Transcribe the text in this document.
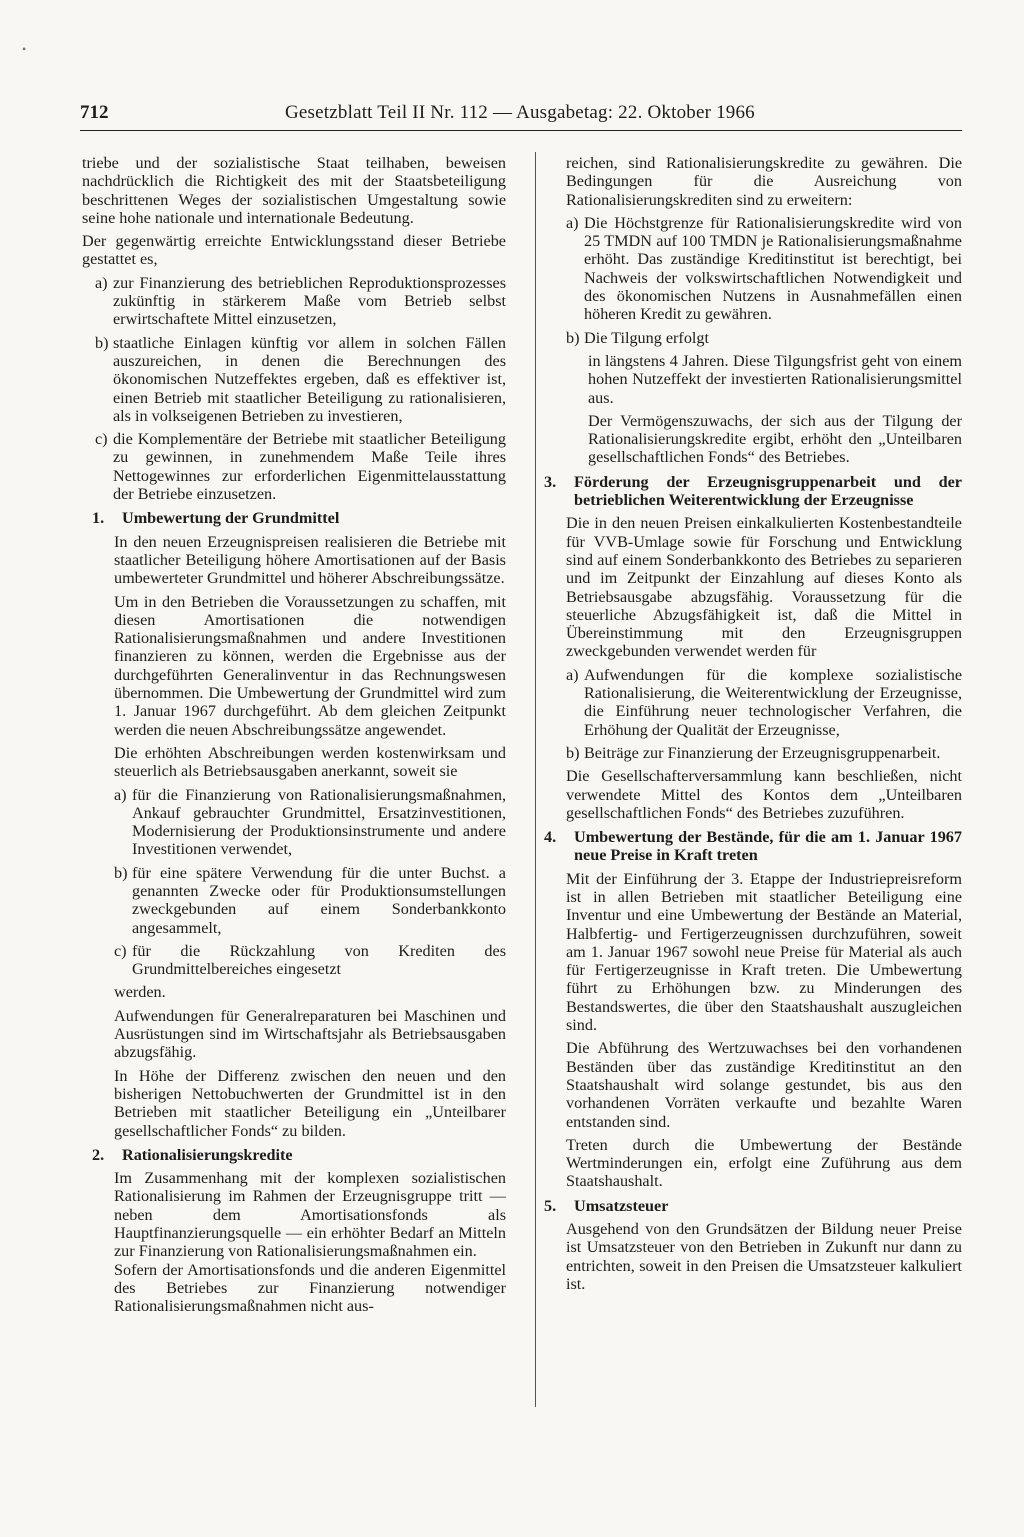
•
712	Gesetzblatt Teil II Nr. 112 — Ausgabetag: 22. Oktober 1966

triebe und der sozialistische Staat teilhaben, beweisen nachdrücklich die Richtigkeit des mit der Staatsbeteiligung beschrittenen Weges der sozialistischen Umgestaltung sowie seine hohe nationale und internationale Bedeutung.

Der gegenwärtig erreichte Entwicklungsstand dieser Betriebe gestattet es,

a) zur Finanzierung des betrieblichen Reproduktionsprozesses zukünftig in stärkerem Maße vom Betrieb selbst erwirtschaftete Mittel einzusetzen,
b) staatliche Einlagen künftig vor allem in solchen Fällen auszureichen, in denen die Berechnungen des ökonomischen Nutzeffektes ergeben, daß es effektiver ist, einen Betrieb mit staatlicher Beteiligung zu rationalisieren, als in volkseigenen Betrieben zu investieren,
c) die Komplementäre der Betriebe mit staatlicher Beteiligung zu gewinnen, in zunehmendem Maße Teile ihres Nettogewinnes zur erforderlichen Eigenmittelausstattung der Betriebe einzusetzen.
1.	Umbewertung der Grundmittel

In den neuen Erzeugnispreisen realisieren die Betriebe mit staatlicher Beteiligung höhere Amortisationen auf der Basis umbewerteter Grundmittel und höherer Abschreibungssätze.

Um in den Betrieben die Voraussetzungen zu schaffen, mit diesen Amortisationen die notwendigen Rationalisierungsmaßnahmen und andere Investitionen finanzieren zu können, werden die Ergebnisse aus der durchgeführten Generalinventur in das Rechnungswesen übernommen. Die Umbewertung der Grundmittel wird zum 1. Januar 1967 durchgeführt. Ab dem gleichen Zeitpunkt werden die neuen Abschreibungssätze angewendet.

Die erhöhten Abschreibungen werden kostenwirksam und steuerlich als Betriebsausgaben anerkannt, soweit sie

a) für die Finanzierung von Rationalisierungsmaßnahmen, Ankauf gebrauchter Grundmittel, Ersatzinvestitionen, Modernisierung der Produktionsinstrumente und andere Investitionen verwendet,
b) für eine spätere Verwendung für die unter Buchst. a genannten Zwecke oder für Produktionsumstellungen zweckgebunden auf einem Sonderbankkonto angesammelt,
c) für die Rückzahlung von Krediten des Grundmittelbereiches eingesetzt

werden.

Aufwendungen für Generalreparaturen bei Maschinen und Ausrüstungen sind im Wirtschaftsjahr als Betriebsausgaben abzugsfähig.

In Höhe der Differenz zwischen den neuen und den bisherigen Nettobuchwerten der Grundmittel ist in den Betrieben mit staatlicher Beteiligung ein „Unteilbarer gesellschaftlicher Fonds“ zu bilden.

2.	Rationalisierungskredite

Im Zusammenhang mit der komplexen sozialistischen Rationalisierung im Rahmen der Erzeugnisgruppe tritt — neben dem Amortisationsfonds als Hauptfinanzierungsquelle — ein erhöhter Bedarf an Mitteln zur Finanzierung von Rationalisierungsmaßnahmen ein.

Sofern der Amortisationsfonds und die anderen Eigenmittel des Betriebes zur Finanzierung notwendiger Rationalisierungsmaßnahmen nicht aus-

reichen, sind Rationalisierungskredite zu gewähren. Die Bedingungen für die Ausreichung von Rationalisierungskrediten sind zu erweitern:

a) Die Höchstgrenze für Rationalisierungskredite wird von 25 TMDN auf 100 TMDN je Rationalisierungsmaßnahme erhöht. Das zuständige Kreditinstitut ist berechtigt, bei Nachweis der volkswirtschaftlichen Notwendigkeit und des ökonomischen Nutzens in Ausnahmefällen einen höheren Kredit zu gewähren.
b) Die Tilgung erfolgt

in längstens 4 Jahren. Diese Tilgungsfrist geht von einem hohen Nutzeffekt der investierten Rationalisierungsmittel aus.

Der Vermögenszuwachs, der sich aus der Tilgung der Rationalisierungskredite ergibt, erhöht den „Unteilbaren gesellschaftlichen Fonds“ des Betriebes.

3.	Förderung der Erzeugnisgruppenarbeit und der betrieblichen Weiterentwicklung der Erzeugnisse

Die in den neuen Preisen einkalkulierten Kostenbestandteile für VVB-Umlage sowie für Forschung und Entwicklung sind auf einem Sonderbankkonto des Betriebes zu separieren und im Zeitpunkt der Einzahlung auf dieses Konto als Betriebsausgabe abzugsfähig. Voraussetzung für die steuerliche Abzugsfähigkeit ist, daß die Mittel in Übereinstimmung mit den Erzeugnisgruppen zweckgebunden verwendet werden für

a) Aufwendungen für die komplexe sozialistische Rationalisierung, die Weiterentwicklung der Erzeugnisse, die Einführung neuer technologischer Verfahren, die Erhöhung der Qualität der Erzeugnisse,
b) Beiträge zur Finanzierung der Erzeugnisgruppenarbeit.

Die Gesellschafterversammlung kann beschließen, nicht verwendete Mittel des Kontos dem „Unteilbaren gesellschaftlichen Fonds“ des Betriebes zuzuführen.

4.	Umbewertung der Bestände, für die am 1. Januar 1967 neue Preise in Kraft treten

Mit der Einführung der 3. Etappe der Industriepreisreform ist in allen Betrieben mit staatlicher Beteiligung eine Inventur und eine Umbewertung der Bestände an Material, Halbfertig- und Fertigerzeugnissen durchzuführen, soweit am 1. Januar 1967 sowohl neue Preise für Material als auch für Fertigerzeugnisse in Kraft treten. Die Umbewertung führt zu Erhöhungen bzw. zu Minderungen des Bestandswertes, die über den Staatshaushalt auszugleichen sind.

Die Abführung des Wertzuwachses bei den vorhandenen Beständen über das zuständige Kreditinstitut an den Staatshaushalt wird solange gestundet, bis aus den vorhandenen Vorräten verkaufte und bezahlte Waren entstanden sind.

Treten durch die Umbewertung der Bestände Wertminderungen ein, erfolgt eine Zuführung aus dem Staatshaushalt.

5.	Umsatzsteuer

Ausgehend von den Grundsätzen der Bildung neuer Preise ist Umsatzsteuer von den Betrieben in Zukunft nur dann zu entrichten, soweit in den Preisen die Umsatzsteuer kalkuliert ist.
